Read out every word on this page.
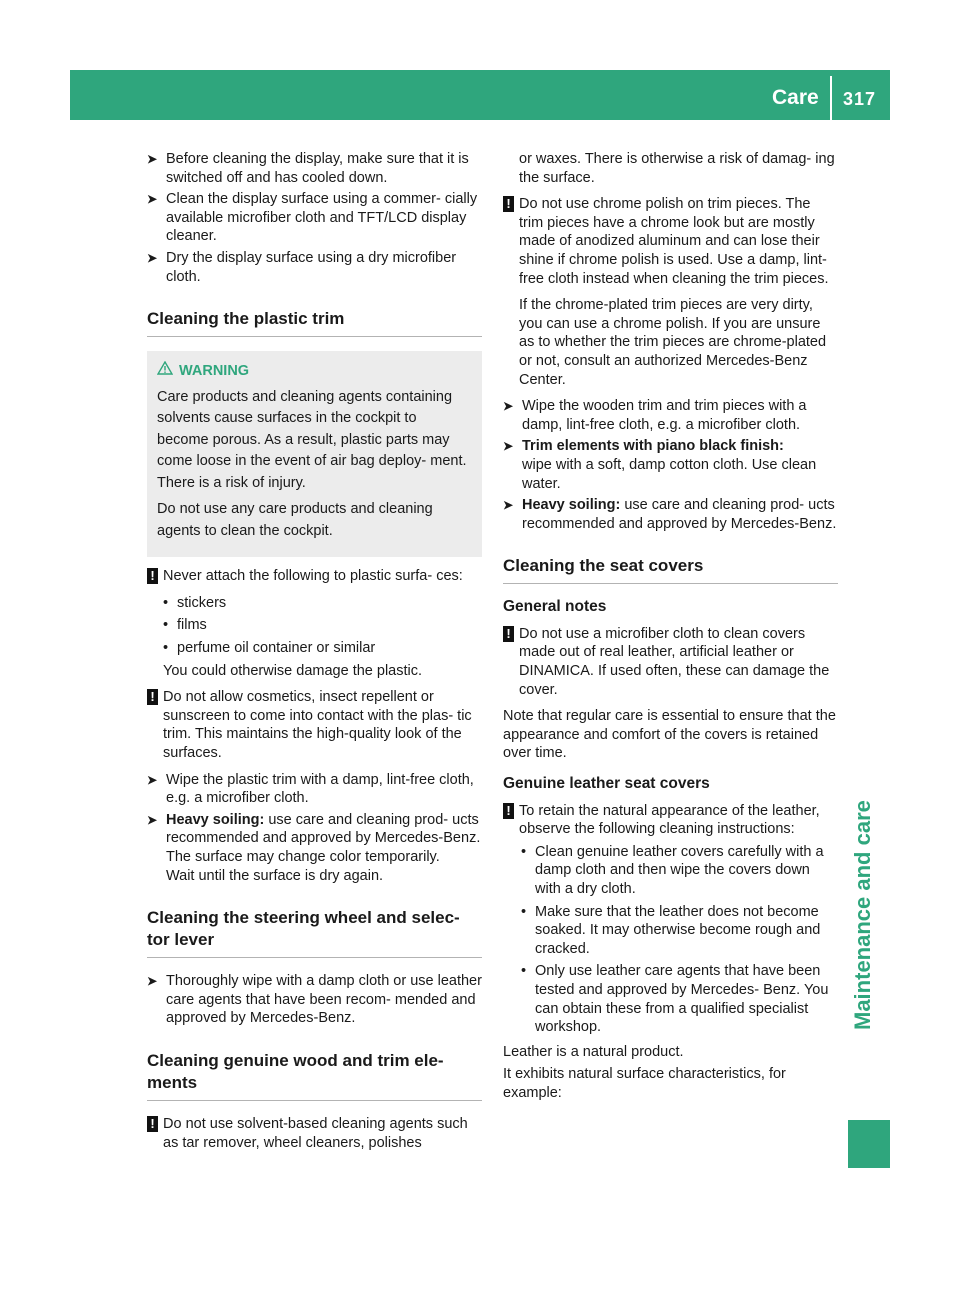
Care 317
Maintenance and care
➤ Before cleaning the display, make sure that it is switched off and has cooled down.
➤ Clean the display surface using a commer- cially available microfiber cloth and TFT/LCD display cleaner.
➤ Dry the display surface using a dry microfiber cloth.
Cleaning the plastic trim
WARNING

Care products and cleaning agents containing solvents cause surfaces in the cockpit to become porous. As a result, plastic parts may come loose in the event of air bag deploy- ment. There is a risk of injury.

Do not use any care products and cleaning agents to clean the cockpit.

! Never attach the following to plastic surfa- ces:
• stickers
• films
• perfume oil container or similar
You could otherwise damage the plastic.
! Do not allow cosmetics, insect repellent or sunscreen to come into contact with the plas- tic trim. This maintains the high-quality look of the surfaces.
➤ Wipe the plastic trim with a damp, lint-free cloth, e.g. a microfiber cloth.
➤ Heavy soiling: use care and cleaning prod- ucts recommended and approved by Mercedes-Benz.
The surface may change color temporarily.
Wait until the surface is dry again.
Cleaning the steering wheel and selec- tor lever
➤ Thoroughly wipe with a damp cloth or use leather care agents that have been recom- mended and approved by Mercedes-Benz.
Cleaning genuine wood and trim ele- ments
! Do not use solvent-based cleaning agents such as tar remover, wheel cleaners, polishes
or waxes. There is otherwise a risk of damag- ing the surface.
! Do not use chrome polish on trim pieces. The trim pieces have a chrome look but are mostly made of anodized aluminum and can lose their shine if chrome polish is used. Use a damp, lint-free cloth instead when cleaning the trim pieces.
If the chrome-plated trim pieces are very dirty, you can use a chrome polish. If you are unsure as to whether the trim pieces are chrome-plated or not, consult an authorized Mercedes-Benz Center.
➤ Wipe the wooden trim and trim pieces with a damp, lint-free cloth, e.g. a microfiber cloth.
➤ Trim elements with piano black finish:
wipe with a soft, damp cotton cloth. Use clean water.
➤ Heavy soiling: use care and cleaning prod- ucts recommended and approved by Mercedes-Benz.
Cleaning the seat covers
General notes
! Do not use a microfiber cloth to clean covers made out of real leather, artificial leather or DINAMICA. If used often, these can damage the cover.
Note that regular care is essential to ensure that the appearance and comfort of the covers is retained over time.
Genuine leather seat covers
! To retain the natural appearance of the leather, observe the following cleaning instructions:
• Clean genuine leather covers carefully with a damp cloth and then wipe the covers down with a dry cloth.
• Make sure that the leather does not become soaked. It may otherwise become rough and cracked.
• Only use leather care agents that have been tested and approved by Mercedes- Benz. You can obtain these from a qualified specialist workshop.
Leather is a natural product.
It exhibits natural surface characteristics, for example:
